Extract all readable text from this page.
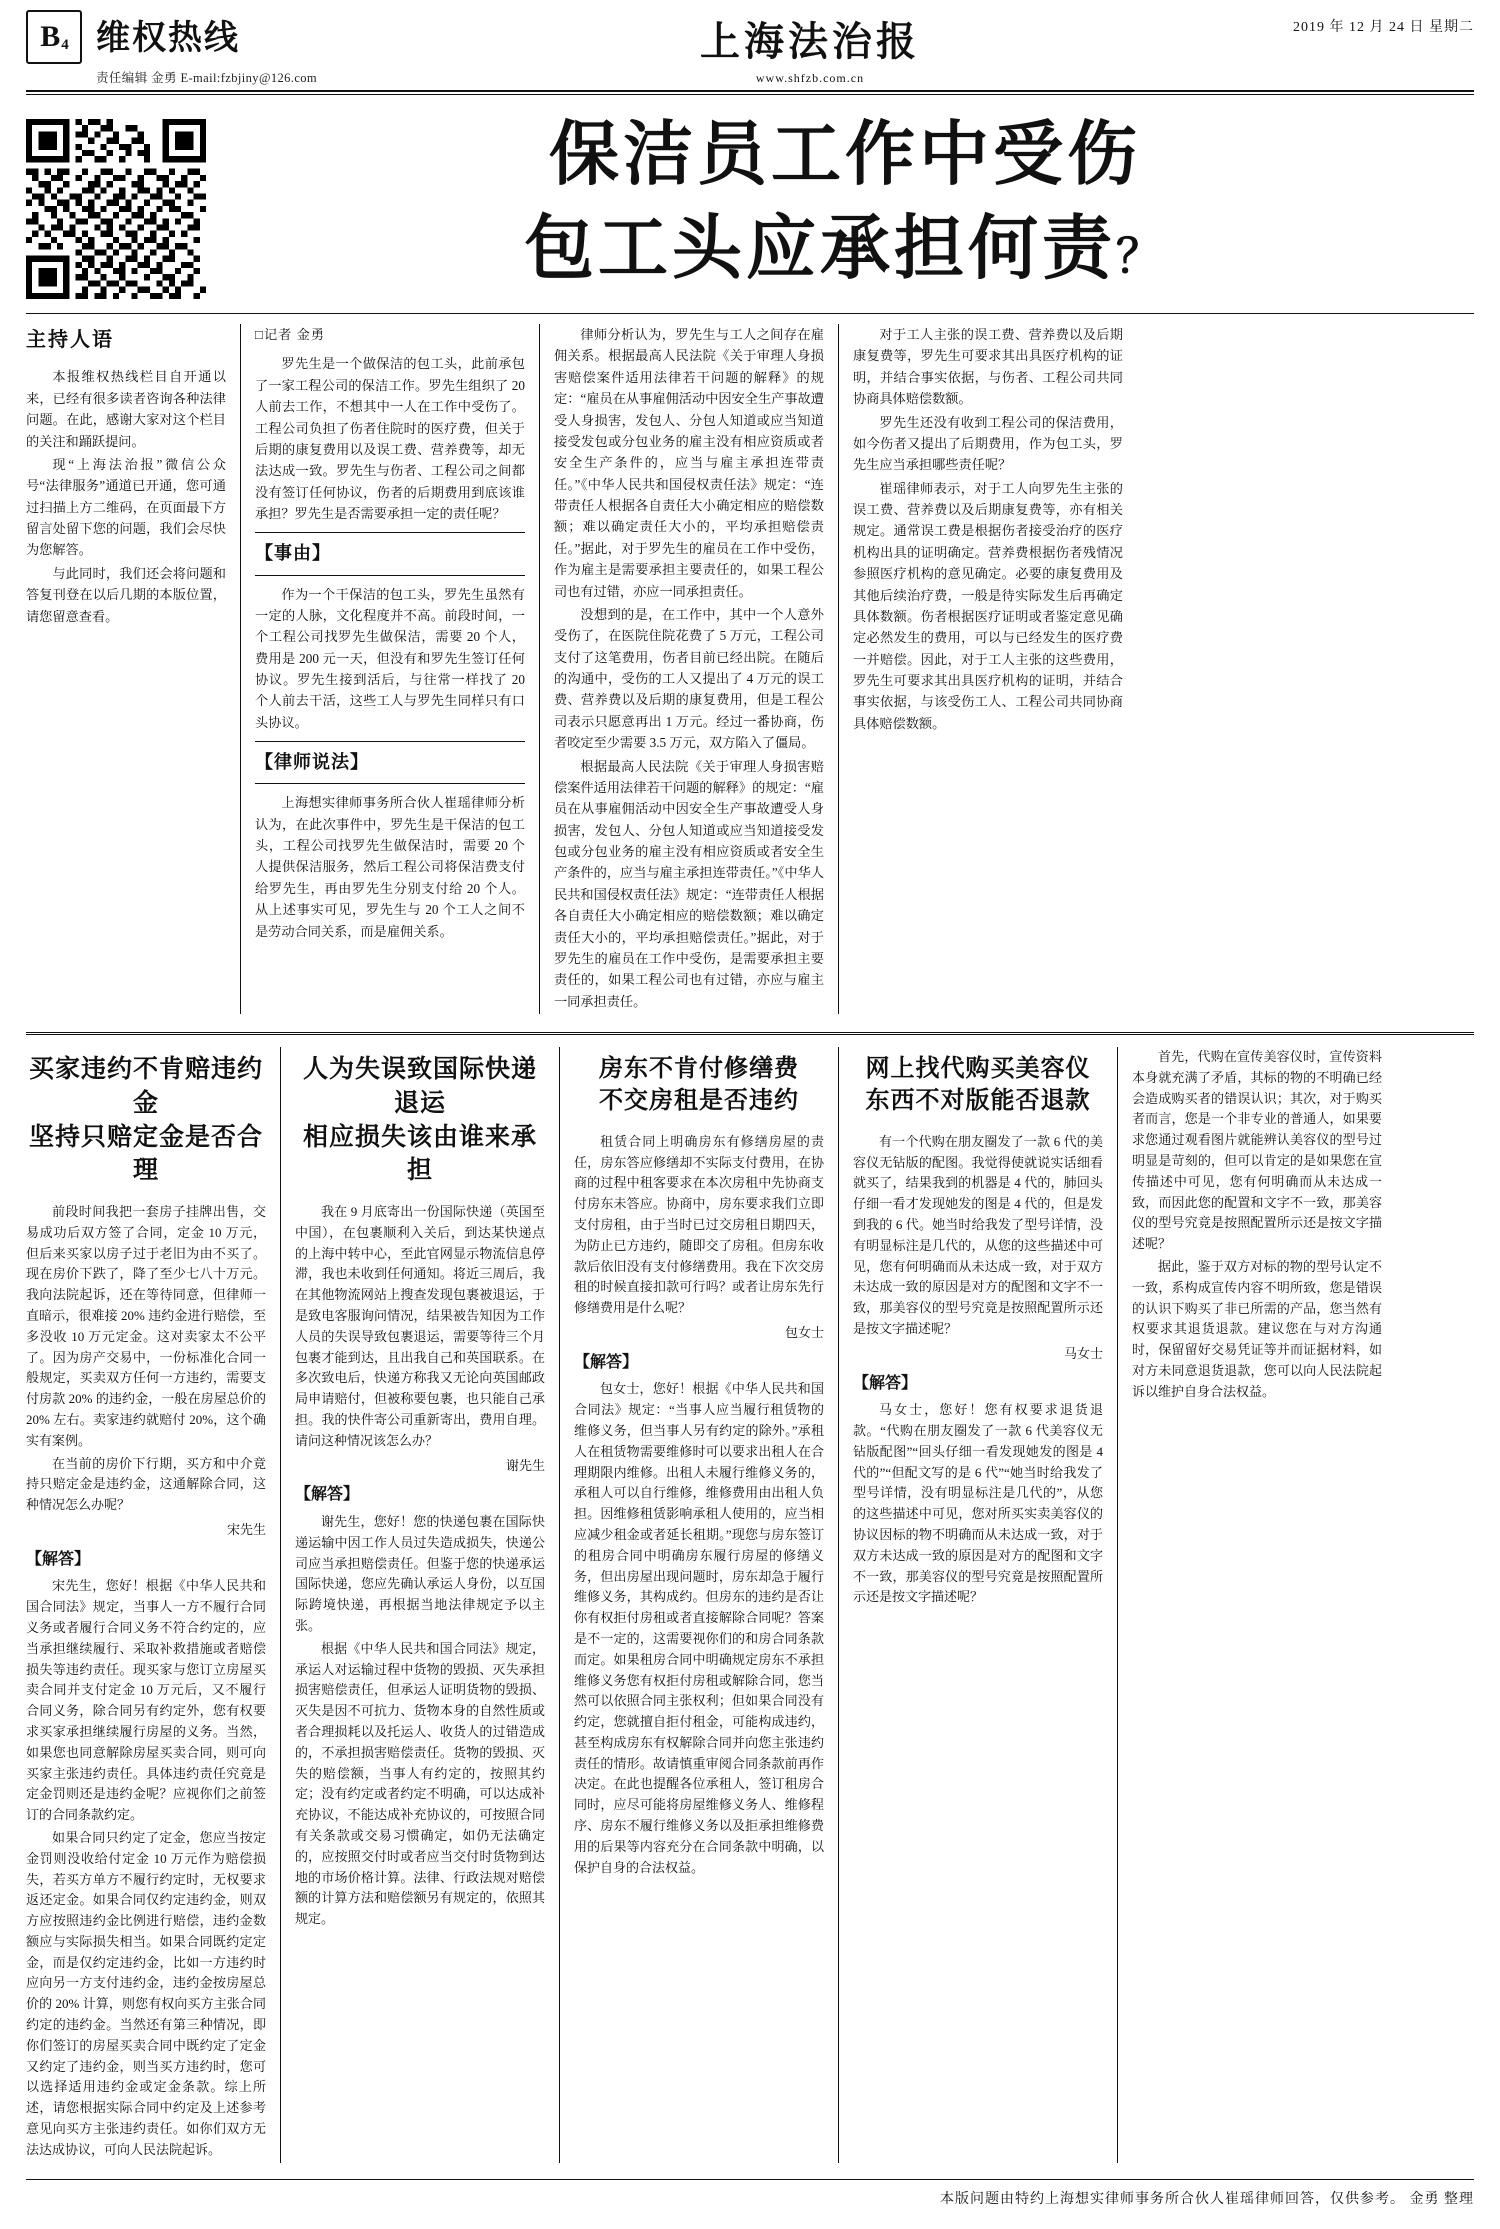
B 4 维权热线
责任编辑 金勇 E-mail:fzbjiny@126.com
上海法治报
www.shfzb.com.cn
2019 年 12 月 24 日 星期二
保洁员工作中受伤
包工头应承担何责？
主持人语

本报维权热线栏目自开通以来，已经有很多读者咨询各种法律问题。在此，感谢大家对这个栏目的关注和踊跃提问。

现“上海法治报”微信公众号“法律服务”通道已开通，您可通过扫描上方二维码，在页面最下方留言处留下您的问题，我们会尽快为您解答。

与此同时，我们还会将问题和答复刊登在以后几期的本版位置，请您留意查看。

□记者 金勇

罗先生是一个做保洁的包工头，此前承包了一家工程公司的保洁工作。罗先生组织了 20 人前去工作，不想其中一人在工作中受伤了。工程公司负担了伤者住院时的医疗费，但关于后期的康复费用以及误工费、营养费等，却无法达成一致。罗先生与伤者、工程公司之间都没有签订任何协议，伤者的后期费用到底该谁承担？罗先生是否需要承担一定的责任呢？

【事由】

作为一个干保洁的包工头，罗先生虽然有一定的人脉，文化程度并不高。前段时间，一个工程公司找罗先生做保洁，需要 20 个人，费用是 200 元一天，但没有和罗先生签订任何协议。罗先生接到活后，与往常一样找了 20 个人前去干活，这些工人与罗先生同样只有口头协议。

【律师说法】

上海想实律师事务所合伙人崔瑶律师分析认为，在此次事件中，罗先生是干保洁的包工头，工程公司找罗先生做保洁时，需要 20 个人提供保洁服务，然后工程公司将保洁费支付给罗先生，再由罗先生分别支付给 20 个人。从上述事实可见，罗先生与 20 个工人之间不是劳动合同关系，而是雇佣关系。

律师分析认为，罗先生与工人之间存在雇佣关系。根据最高人民法院《关于审理人身损害赔偿案件适用法律若干问题的解释》的规定：“雇员在从事雇佣活动中因安全生产事故遭受人身损害，发包人、分包人知道或应当知道接受发包或分包业务的雇主没有相应资质或者安全生产条件的，应当与雇主承担连带责任。”《中华人民共和国侵权责任法》规定：“连带责任人根据各自责任大小确定相应的赔偿数额；难以确定责任大小的，平均承担赔偿责任。”据此，对于罗先生的雇员在工作中受伤，作为雇主是需要承担主要责任的，如果工程公司也有过错，亦应一同承担责任。

没想到的是，在工作中，其中一个人意外受伤了，在医院住院花费了 5 万元，工程公司支付了这笔费用，伤者目前已经出院。在随后的沟通中，受伤的工人又提出了 4 万元的误工费、营养费以及后期的康复费用，但是工程公司表示只愿意再出 1 万元。经过一番协商，伤者咬定至少需要 3.5 万元，双方陷入了僵局。

根据最高人民法院《关于审理人身损害赔偿案件适用法律若干问题的解释》的规定：“雇员在从事雇佣活动中因安全生产事故遭受人身损害，发包人、分包人知道或应当知道接受发包或分包业务的雇主没有相应资质或者安全生产条件的，应当与雇主承担连带责任。”《中华人民共和国侵权责任法》规定：“连带责任人根据各自责任大小确定相应的赔偿数额；难以确定责任大小的，平均承担赔偿责任。”据此，对于罗先生的雇员在工作中受伤，是需要承担主要责任的，如果工程公司也有过错，亦应与雇主一同承担责任。

对于工人主张的误工费、营养费以及后期康复费等，罗先生可要求其出具医疗机构的证明，并结合事实依据，与伤者、工程公司共同协商具体赔偿数额。

罗先生还没有收到工程公司的保洁费用，如今伤者又提出了后期费用，作为包工头，罗先生应当承担哪些责任呢？

崔瑶律师表示，对于工人向罗先生主张的误工费、营养费以及后期康复费等，亦有相关规定。通常误工费是根据伤者接受治疗的医疗机构出具的证明确定。营养费根据伤者残情况参照医疗机构的意见确定。必要的康复费用及其他后续治疗费，一般是待实际发生后再确定具体数额。伤者根据医疗证明或者鉴定意见确定必然发生的费用，可以与已经发生的医疗费一并赔偿。因此，对于工人主张的这些费用，罗先生可要求其出具医疗机构的证明，并结合事实依据，与该受伤工人、工程公司共同协商具体赔偿数额。

买家违约不肯赔违约金
坚持只赔定金是否合理

前段时间我把一套房子挂牌出售，交易成功后双方签了合同，定金 10 万元，但后来买家以房子过于老旧为由不买了。现在房价下跌了，降了至少七八十万元。我向法院起诉，还在等待同意，但律师一直暗示，很难接 20% 违约金进行赔偿，至多没收 10 万元定金。这对卖家太不公平了。因为房产交易中，一份标准化合同一般规定，买卖双方任何一方违约，需要支付房款 20% 的违约金，一般在房屋总价的 20% 左右。卖家违约就赔付 20%，这个确实有案例。

在当前的房价下行期，买方和中介竟持只赔定金是违约金，这通解除合同，这种情况怎么办呢？

宋先生
【解答】

宋先生，您好！根据《中华人民共和国合同法》规定，当事人一方不履行合同义务或者履行合同义务不符合约定的，应当承担继续履行、采取补救措施或者赔偿损失等违约责任。现买家与您订立房屋买卖合同并支付定金 10 万元后，又不履行合同义务，除合同另有约定外，您有权要求买家承担继续履行房屋的义务。当然，如果您也同意解除房屋买卖合同，则可向买家主张违约责任。具体违约责任究竟是定金罚则还是违约金呢？应视你们之前签订的合同条款约定。

如果合同只约定了定金，您应当按定金罚则没收给付定金 10 万元作为赔偿损失，若买方单方不履行约定时，无权要求返还定金。如果合同仅约定违约金，则双方应按照违约金比例进行赔偿，违约金数额应与实际损失相当。如果合同既约定定金，而是仅约定违约金，比如一方违约时应向另一方支付违约金，违约金按房屋总价的 20% 计算，则您有权向买方主张合同约定的违约金。当然还有第三种情况，即你们签订的房屋买卖合同中既约定了定金又约定了违约金，则当买方违约时，您可以选择适用违约金或定金条款。综上所述，请您根据实际合同中约定及上述参考意见向买方主张违约责任。如你们双方无法达成协议，可向人民法院起诉。

人为失误致国际快递退运
相应损失该由谁来承担

我在 9 月底寄出一份国际快递（英国至中国），在包裹顺利入关后，到达某快递点的上海中转中心，至此官网显示物流信息停滞，我也未收到任何通知。将近三周后，我在其他物流网站上搜查发现包裹被退运，于是致电客服询问情况，结果被告知因为工作人员的失误导致包裹退运，需要等待三个月包裹才能到达，且出我自己和英国联系。在多次致电后，快递方称我又无论向英国邮政局申请赔付，但被称要包裹，也只能自己承担。我的快件寄公司重新寄出，费用自理。请问这种情况该怎么办？

谢先生
【解答】

谢先生，您好！您的快递包裹在国际快递运输中因工作人员过失造成损失，快递公司应当承担赔偿责任。但鉴于您的快递承运国际快递，您应先确认承运人身份，以互国际跨境快递，再根据当地法律规定予以主张。

根据《中华人民共和国合同法》规定，承运人对运输过程中货物的毁损、灭失承担损害赔偿责任，但承运人证明货物的毁损、灭失是因不可抗力、货物本身的自然性质或者合理损耗以及托运人、收货人的过错造成的，不承担损害赔偿责任。货物的毁损、灭失的赔偿额，当事人有约定的，按照其约定；没有约定或者约定不明确，可以达成补充协议，不能达成补充协议的，可按照合同有关条款或交易习惯确定，如仍无法确定的，应按照交付时或者应当交付时货物到达地的市场价格计算。法律、行政法规对赔偿额的计算方法和赔偿额另有规定的，依照其规定。

房东不肯付修缮费
不交房租是否违约

租赁合同上明确房东有修缮房屋的责任，房东答应修缮却不实际支付费用，在协商的过程中租客要求在本次房租中先协商支付房东未答应。协商中，房东要求我们立即支付房租，由于当时已过交房租日期四天，为防止已方违约，随即交了房租。但房东收款后依旧没有支付修缮费用。我在下次交房租的时候直接扣款可行吗？或者让房东先行修缮费用是什么呢？

包女士
【解答】

包女士，您好！根据《中华人民共和国合同法》规定：“当事人应当履行租赁物的维修义务，但当事人另有约定的除外。”承租人在租赁物需要维修时可以要求出租人在合理期限内维修。出租人未履行维修义务的，承租人可以自行维修，维修费用由出租人负担。因维修租赁影响承租人使用的，应当相应减少租金或者延长租期。”现您与房东签订的租房合同中明确房东履行房屋的修缮义务，但出房屋出现问题时，房东却急于履行维修义务，其构成约。但房东的违约是否让你有权拒付房租或者直接解除合同呢？答案是不一定的，这需要视你们的和房合同条款而定。如果租房合同中明确规定房东不承担维修义务您有权拒付房租或解除合同，您当然可以依照合同主张权利；但如果合同没有约定，您就擅自拒付租金，可能构成违约，甚至构成房东有权解除合同并向您主张违约责任的情形。故请慎重审阅合同条款前再作决定。在此也提醒各位承租人，签订租房合同时，应尽可能将房屋维修义务人、维修程序、房东不履行维修义务以及拒承担维修费用的后果等内容充分在合同条款中明确，以保护自身的合法权益。

网上找代购买美容仪
东西不对版能否退款

有一个代购在朋友圈发了一款 6 代的美容仪无钻版的配图。我觉得使就说实话细看就买了，结果我到的机器是 4 代的，肺回头仔细一看才发现她发的图是 4 代的，但是发到我的 6 代。她当时给我发了型号详情，没有明显标注是几代的，从您的这些描述中可见，您有何明确而从未达成一致，对于双方未达成一致的原因是对方的配图和文字不一致，那美容仪的型号究竟是按照配置所示还是按文字描述呢？

马女士
【解答】

马女士，您好！您有权要求退货退款。“代购在朋友圈发了一款 6 代美容仪无钻版配图”“回头仔细一看发现她发的图是 4 代的”“但配文写的是 6 代”“她当时给我发了型号详情，没有明显标注是几代的”，从您的这些描述中可见，您对所买实卖美容仪的协议因标的物不明确而从未达成一致，对于双方未达成一致的原因是对方的配图和文字不一致，那美容仪的型号究竟是按照配置所示还是按文字描述呢？

首先，代购在宣传美容仪时，宣传资料本身就充满了矛盾，其标的物的不明确已经会造成购买者的错误认识；其次，对于购买者而言，您是一个非专业的普通人，如果要求您通过观看图片就能辨认美容仪的型号过明显是苛刻的，但可以肯定的是如果您在宣传描述中可见，您有何明确而从未达成一致，而因此您的配置和文字不一致，那美容仪的型号究竟是按照配置所示还是按文字描述呢？

据此，鉴于双方对标的物的型号认定不一致，系构成宣传内容不明所致，您是错误的认识下购买了非已所需的产品，您当然有权要求其退货退款。建议您在与对方沟通时，保留留好交易凭证等并而证据材料，如对方未同意退货退款，您可以向人民法院起诉以维护自身合法权益。

本版问题由特约上海想实律师事务所合伙人崔瑶律师回答，仅供参考。 金勇 整理
